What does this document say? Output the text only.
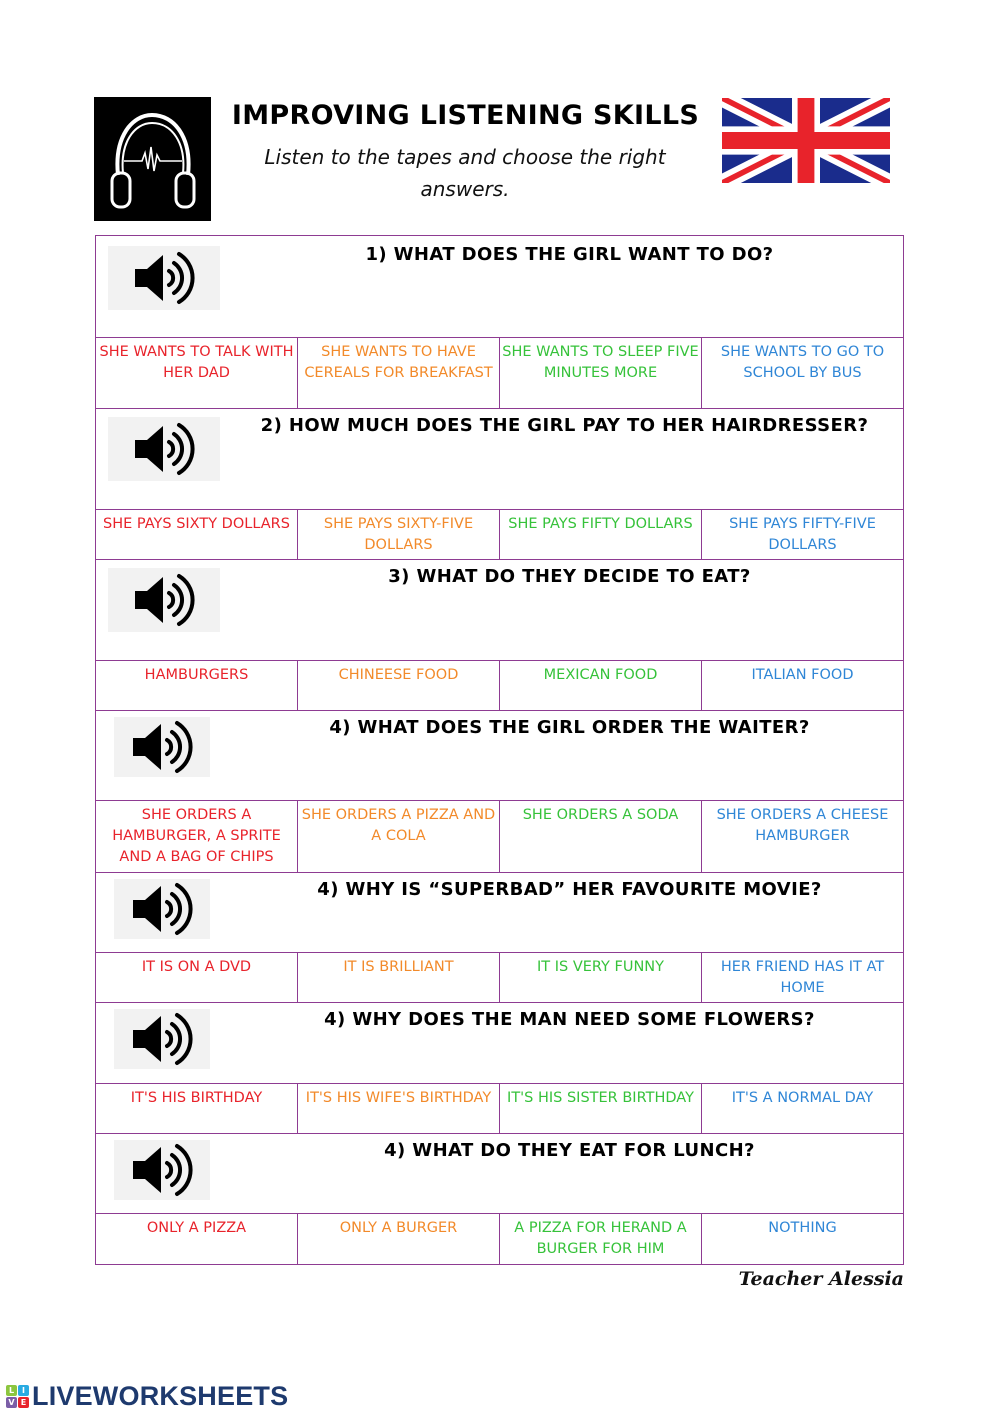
IMPROVING LISTENING SKILLS
Listen to the tapes and choose the right answers.
1) WHAT DOES THE GIRL WANT TO DO?			

SHE WANTS TO TALK WITH HER DAD	SHE WANTS TO HAVE CEREALS FOR BREAKFAST	SHE WANTS TO SLEEP FIVE MINUTES MORE	SHE WANTS TO GO TO SCHOOL BY BUS

2) HOW MUCH DOES THE GIRL PAY TO HER HAIRDRESSER?			

SHE PAYS SIXTY DOLLARS	SHE PAYS SIXTY-FIVE DOLLARS	SHE PAYS FIFTY DOLLARS	SHE PAYS FIFTY-FIVE DOLLARS

3) WHAT DO THEY DECIDE TO EAT?			

HAMBURGERS	CHINEESE FOOD	MEXICAN FOOD	ITALIAN FOOD

4) WHAT DOES THE GIRL ORDER THE WAITER?			

SHE ORDERS A HAMBURGER, A SPRITE AND A BAG OF CHIPS	SHE ORDERS A PIZZA AND A COLA	SHE ORDERS A SODA	SHE ORDERS A CHEESE HAMBURGER

4) WHY IS “SUPERBAD” HER FAVOURITE MOVIE?			

IT IS ON A DVD	IT IS BRILLIANT	IT IS VERY FUNNY	HER FRIEND HAS IT AT HOME

4) WHY DOES THE MAN NEED SOME FLOWERS?			

IT'S HIS BIRTHDAY	IT'S HIS WIFE'S BIRTHDAY	IT'S HIS SISTER BIRTHDAY	IT'S A NORMAL DAY

4) WHAT DO THEY EAT FOR LUNCH?			

ONLY A PIZZA	ONLY A BURGER	A PIZZA FOR HERAND A BURGER FOR HIM	NOTHING
Teacher Alessia
L I
V E LIVEWORKSHEETS
